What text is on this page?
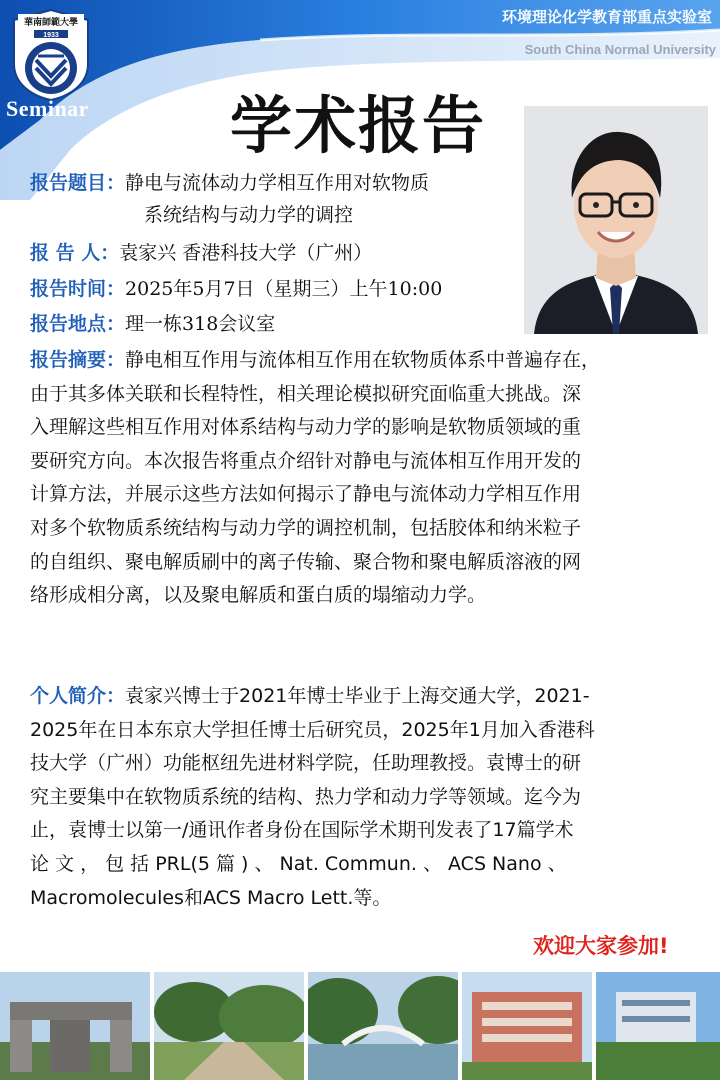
華南師範大學
1933
Seminar
环境理论化学教育部重点实验室
South China Normal University
学术报告
报告题目：静电与流体动力学相互作用对软物质
系统结构与动力学的调控
报 告 人：袁家兴 香港科技大学（广州）
报告时间：2025年5月7日（星期三）上午10:00
报告地点：理一栋318会议室
报告摘要：静电相互作用与流体相互作用在软物质体系中普遍存在，
由于其多体关联和长程特性，相关理论模拟研究面临重大挑战。深
入理解这些相互作用对体系结构与动力学的影响是软物质领域的重
要研究方向。本次报告将重点介绍针对静电与流体相互作用开发的
计算方法，并展示这些方法如何揭示了静电与流体动力学相互作用
对多个软物质系统结构与动力学的调控机制，包括胶体和纳米粒子
的自组织、聚电解质刷中的离子传输、聚合物和聚电解质溶液的网
络形成相分离，以及聚电解质和蛋白质的塌缩动力学。
个人简介：袁家兴博士于2021年博士毕业于上海交通大学，2021-
2025年在日本东京大学担任博士后研究员，2025年1月加入香港科
技大学（广州）功能枢纽先进材料学院，任助理教授。袁博士的研
究主要集中在软物质系统的结构、热力学和动力学等领域。迄今为
止，袁博士以第一/通讯作者身份在国际学术期刊发表了17篇学术
论 文 ， 包 括 PRL(5 篇 ) 、 Nat. Commun. 、 ACS Nano 、
Macromolecules和ACS Macro Lett.等。
欢迎大家参加!
